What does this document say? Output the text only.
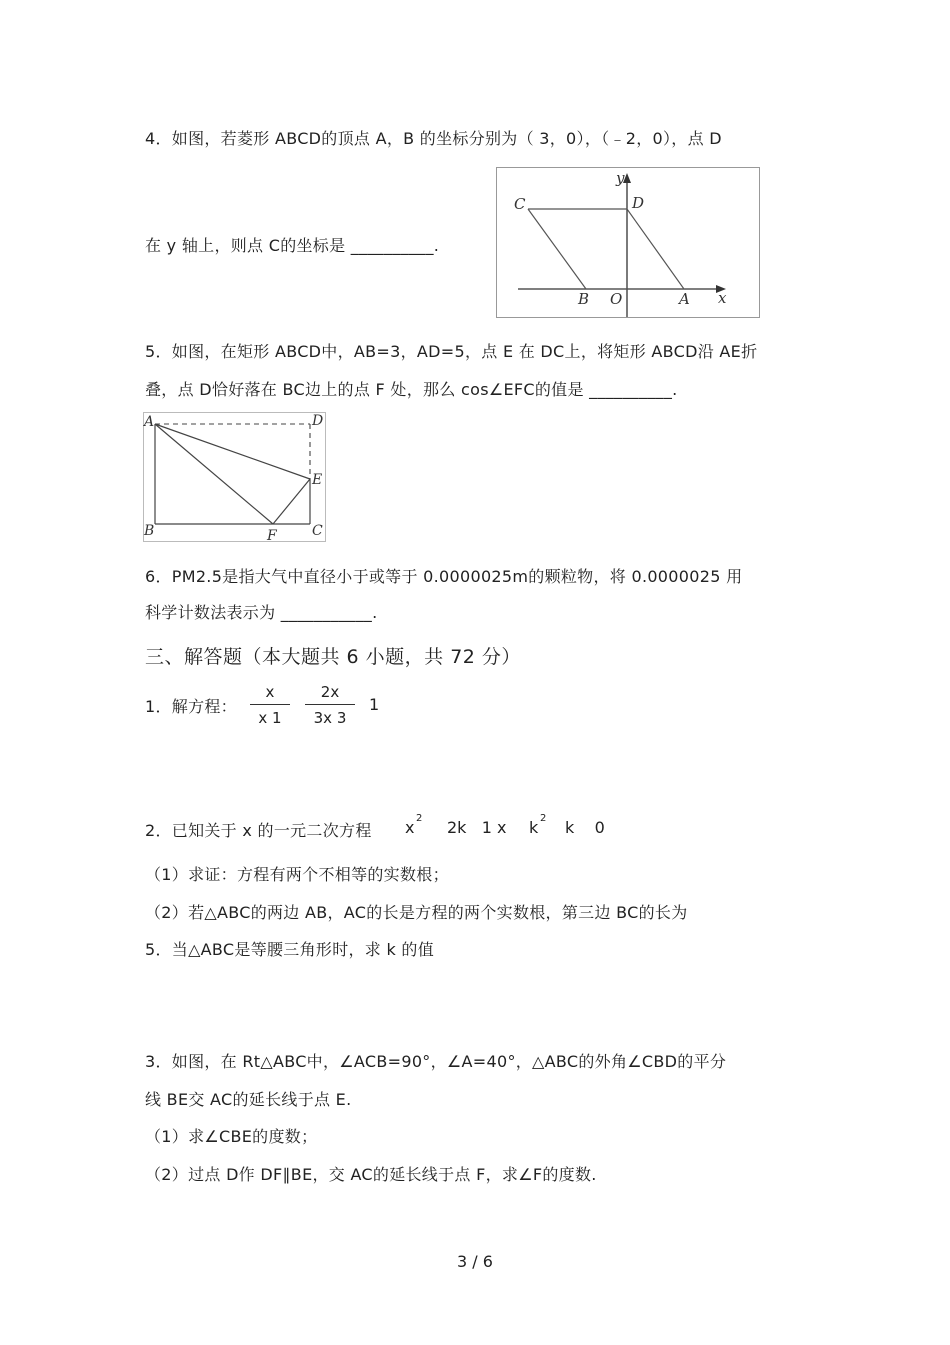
4．如图，若菱形 ABCD的顶点 A，B 的坐标分别为（ 3，0），（﹣2，0），点 D
在 y 轴上，则点 C的坐标是 __________.
C	D
B O	A x
y
5．如图，在矩形 ABCD中，AB=3，AD=5，点 E 在 DC上，将矩形 ABCD沿 AE折
叠，点 D恰好落在 BC边上的点 F 处，那么 cos∠EFC的值是 __________.
A	D
E
B	F	C
6．PM2.5是指大气中直径小于或等于 0.0000025m的颗粒物，将 0.0000025 用
科学计数法表示为 ___________.
三、解答题（本大题共 6 小题，共 72 分）
1．解方程：
x
x 1
2x
3x 3
1
2．已知关于 x 的一元二次方程 x 2 2k   1 x k 2 k    0
（1）求证：方程有两个不相等的实数根；
（2）若△ABC的两边 AB，AC的长是方程的两个实数根，第三边 BC的长为
5．当△ABC是等腰三角形时，求 k 的值
3．如图，在 Rt△ABC中，∠ACB=90°，∠A=40°，△ABC的外角∠CBD的平分
线 BE交 AC的延长线于点 E.
（1）求∠CBE的度数；
（2）过点 D作 DF∥BE，交 AC的延长线于点 F，求∠F的度数.
3 / 6
